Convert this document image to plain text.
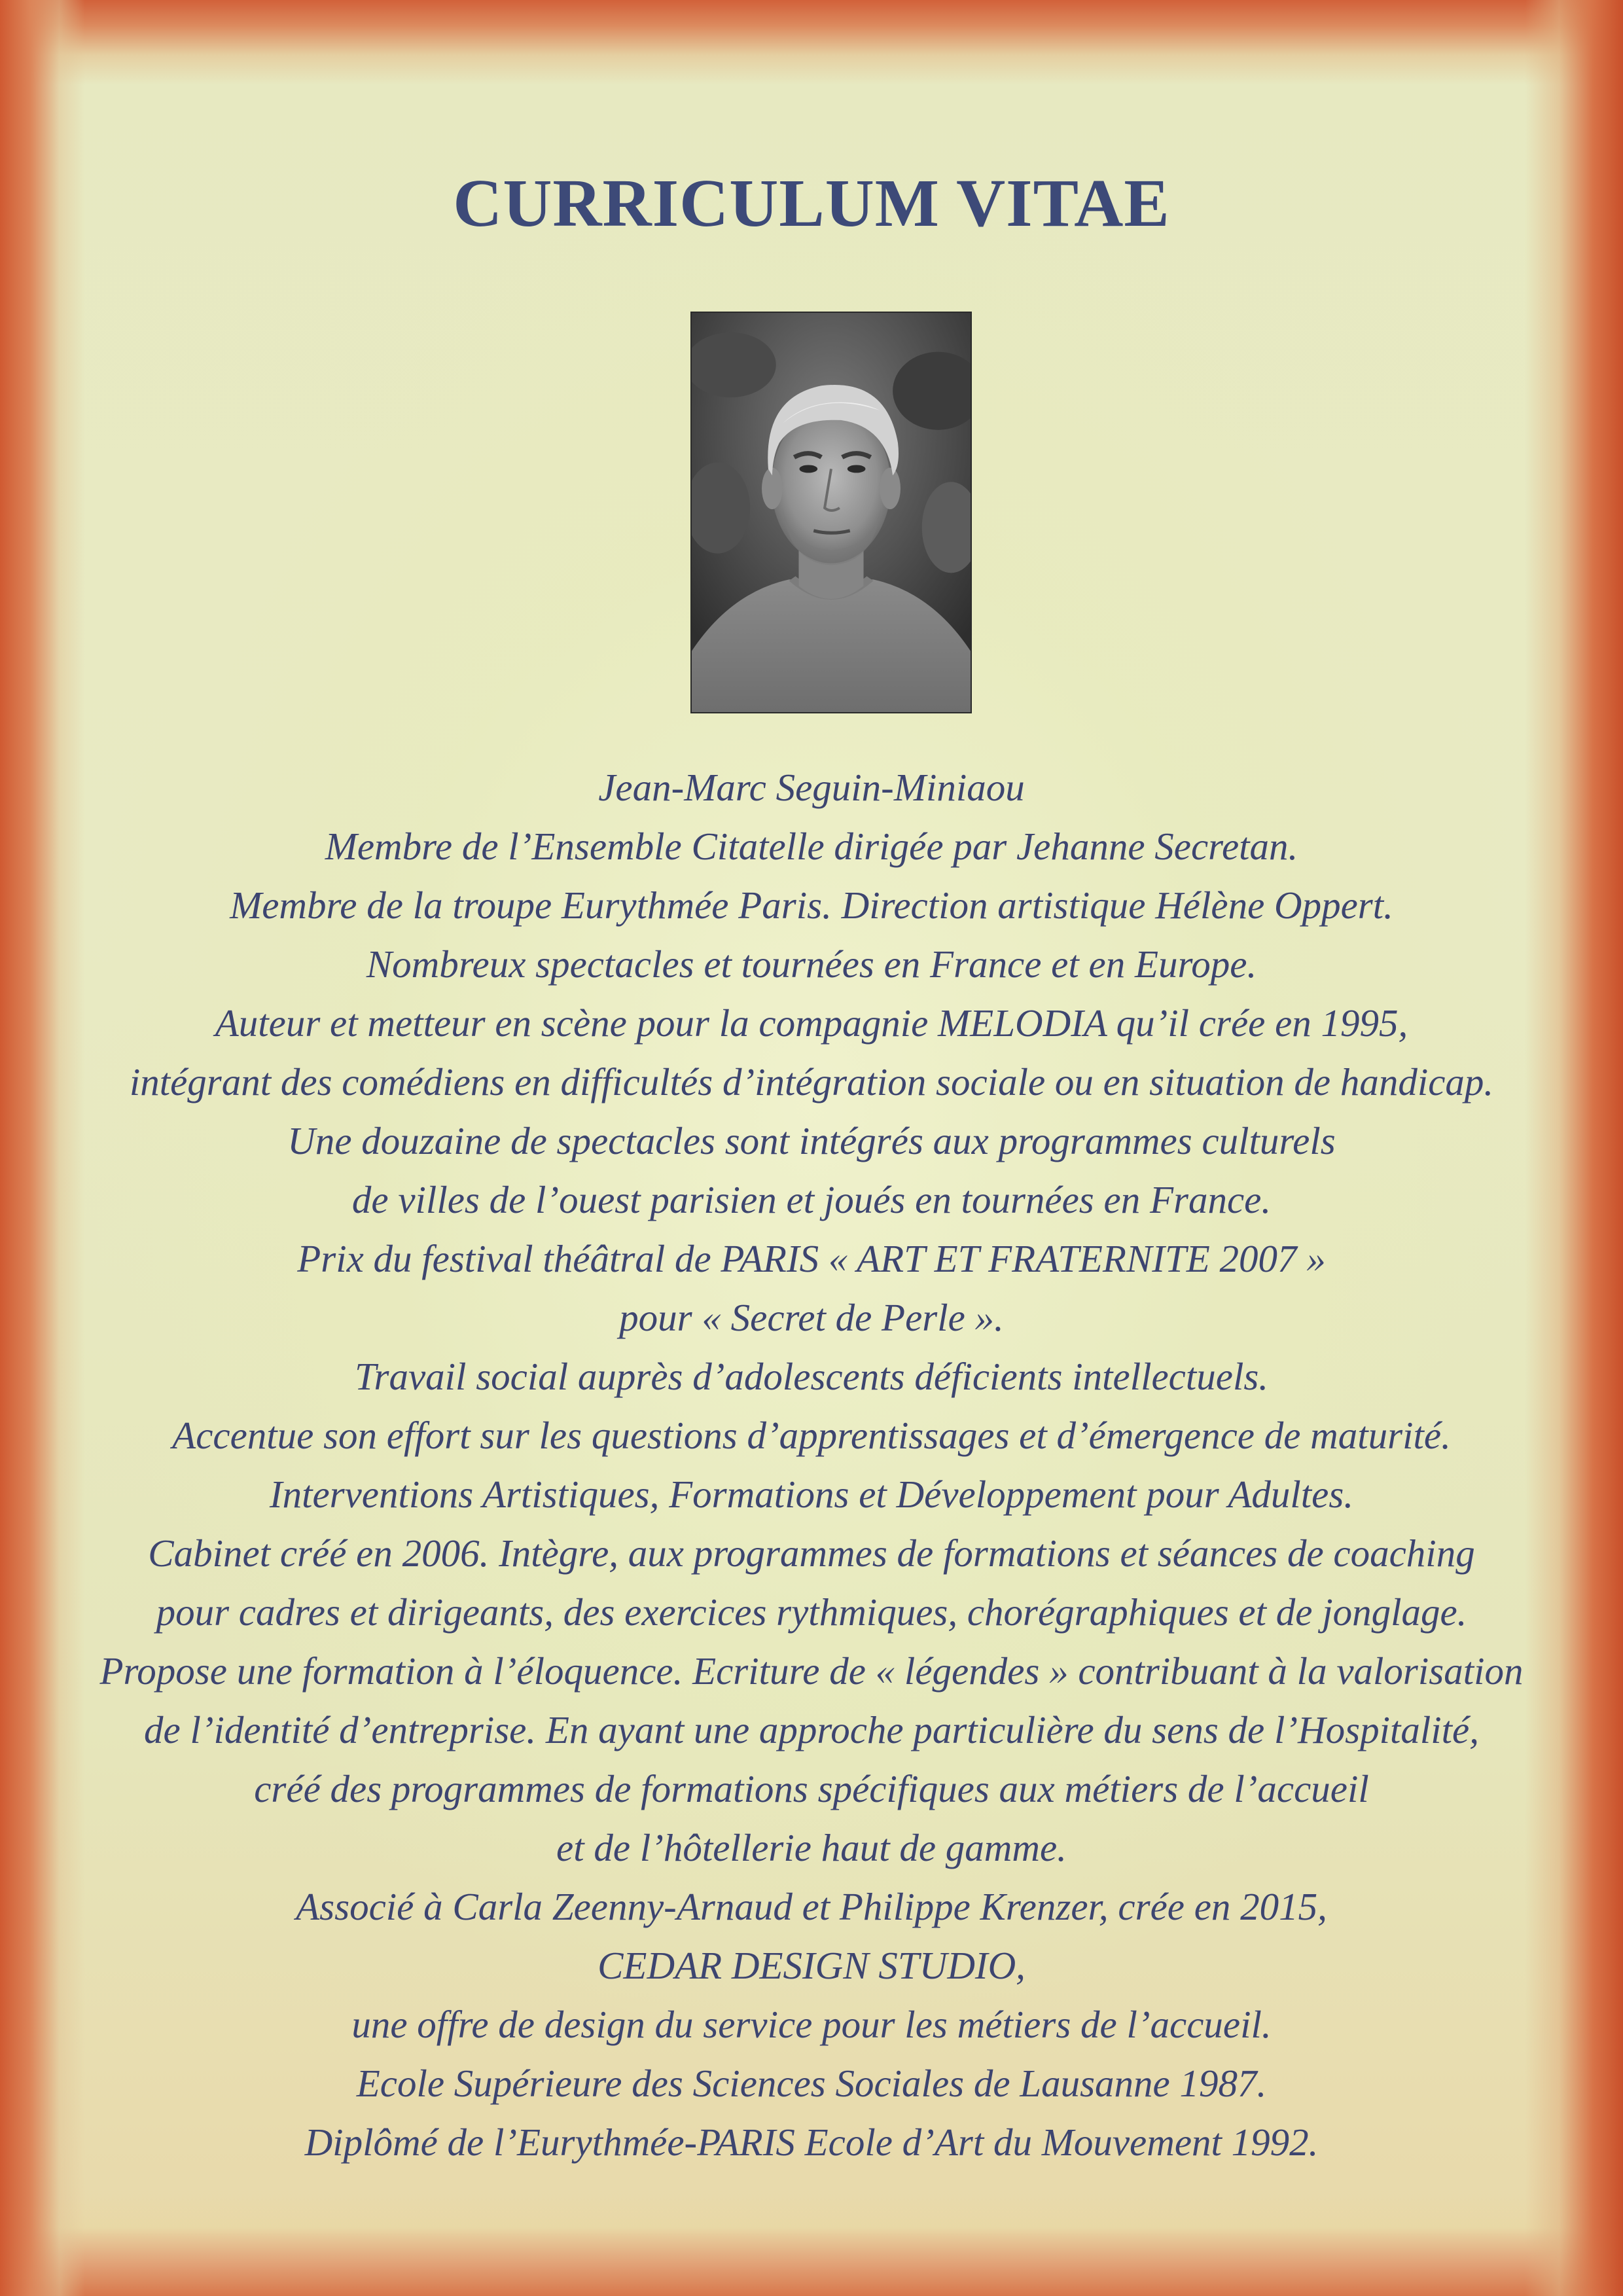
CURRICULUM VITAE
Jean-Marc Seguin-Miniaou
Membre de l’Ensemble Citatelle dirigée par Jehanne Secretan.
Membre de la troupe Eurythmée Paris. Direction artistique Hélène Oppert.
Nombreux spectacles et tournées en France et en Europe.
Auteur et metteur en scène pour la compagnie MELODIA qu’il crée en 1995,
intégrant des comédiens en difficultés d’intégration sociale ou en situation de handicap.
Une douzaine de spectacles sont intégrés aux programmes culturels
de villes de l’ouest parisien et joués en tournées en France.
Prix du festival théâtral de PARIS « ART ET FRATERNITE 2007 »
pour « Secret de Perle ».
Travail social auprès d’adolescents déficients intellectuels.
Accentue son effort sur les questions d’apprentissages et d’émergence de maturité.
Interventions Artistiques, Formations et Développement pour Adultes.
Cabinet créé en 2006. Intègre, aux programmes de formations et séances de coaching
pour cadres et dirigeants, des exercices rythmiques, chorégraphiques et de jonglage.
Propose une formation à l’éloquence. Ecriture de « légendes » contribuant à la valorisation
de l’identité d’entreprise. En ayant une approche particulière du sens de l’Hospitalité,
créé des programmes de formations spécifiques aux métiers de l’accueil
et de l’hôtellerie haut de gamme.
Associé à Carla Zeenny-Arnaud et Philippe Krenzer, crée en 2015,
CEDAR DESIGN STUDIO,
une offre de design du service pour les métiers de l’accueil.
Ecole Supérieure des Sciences Sociales de Lausanne 1987.
Diplômé de l’Eurythmée-PARIS Ecole d’Art du Mouvement 1992.
